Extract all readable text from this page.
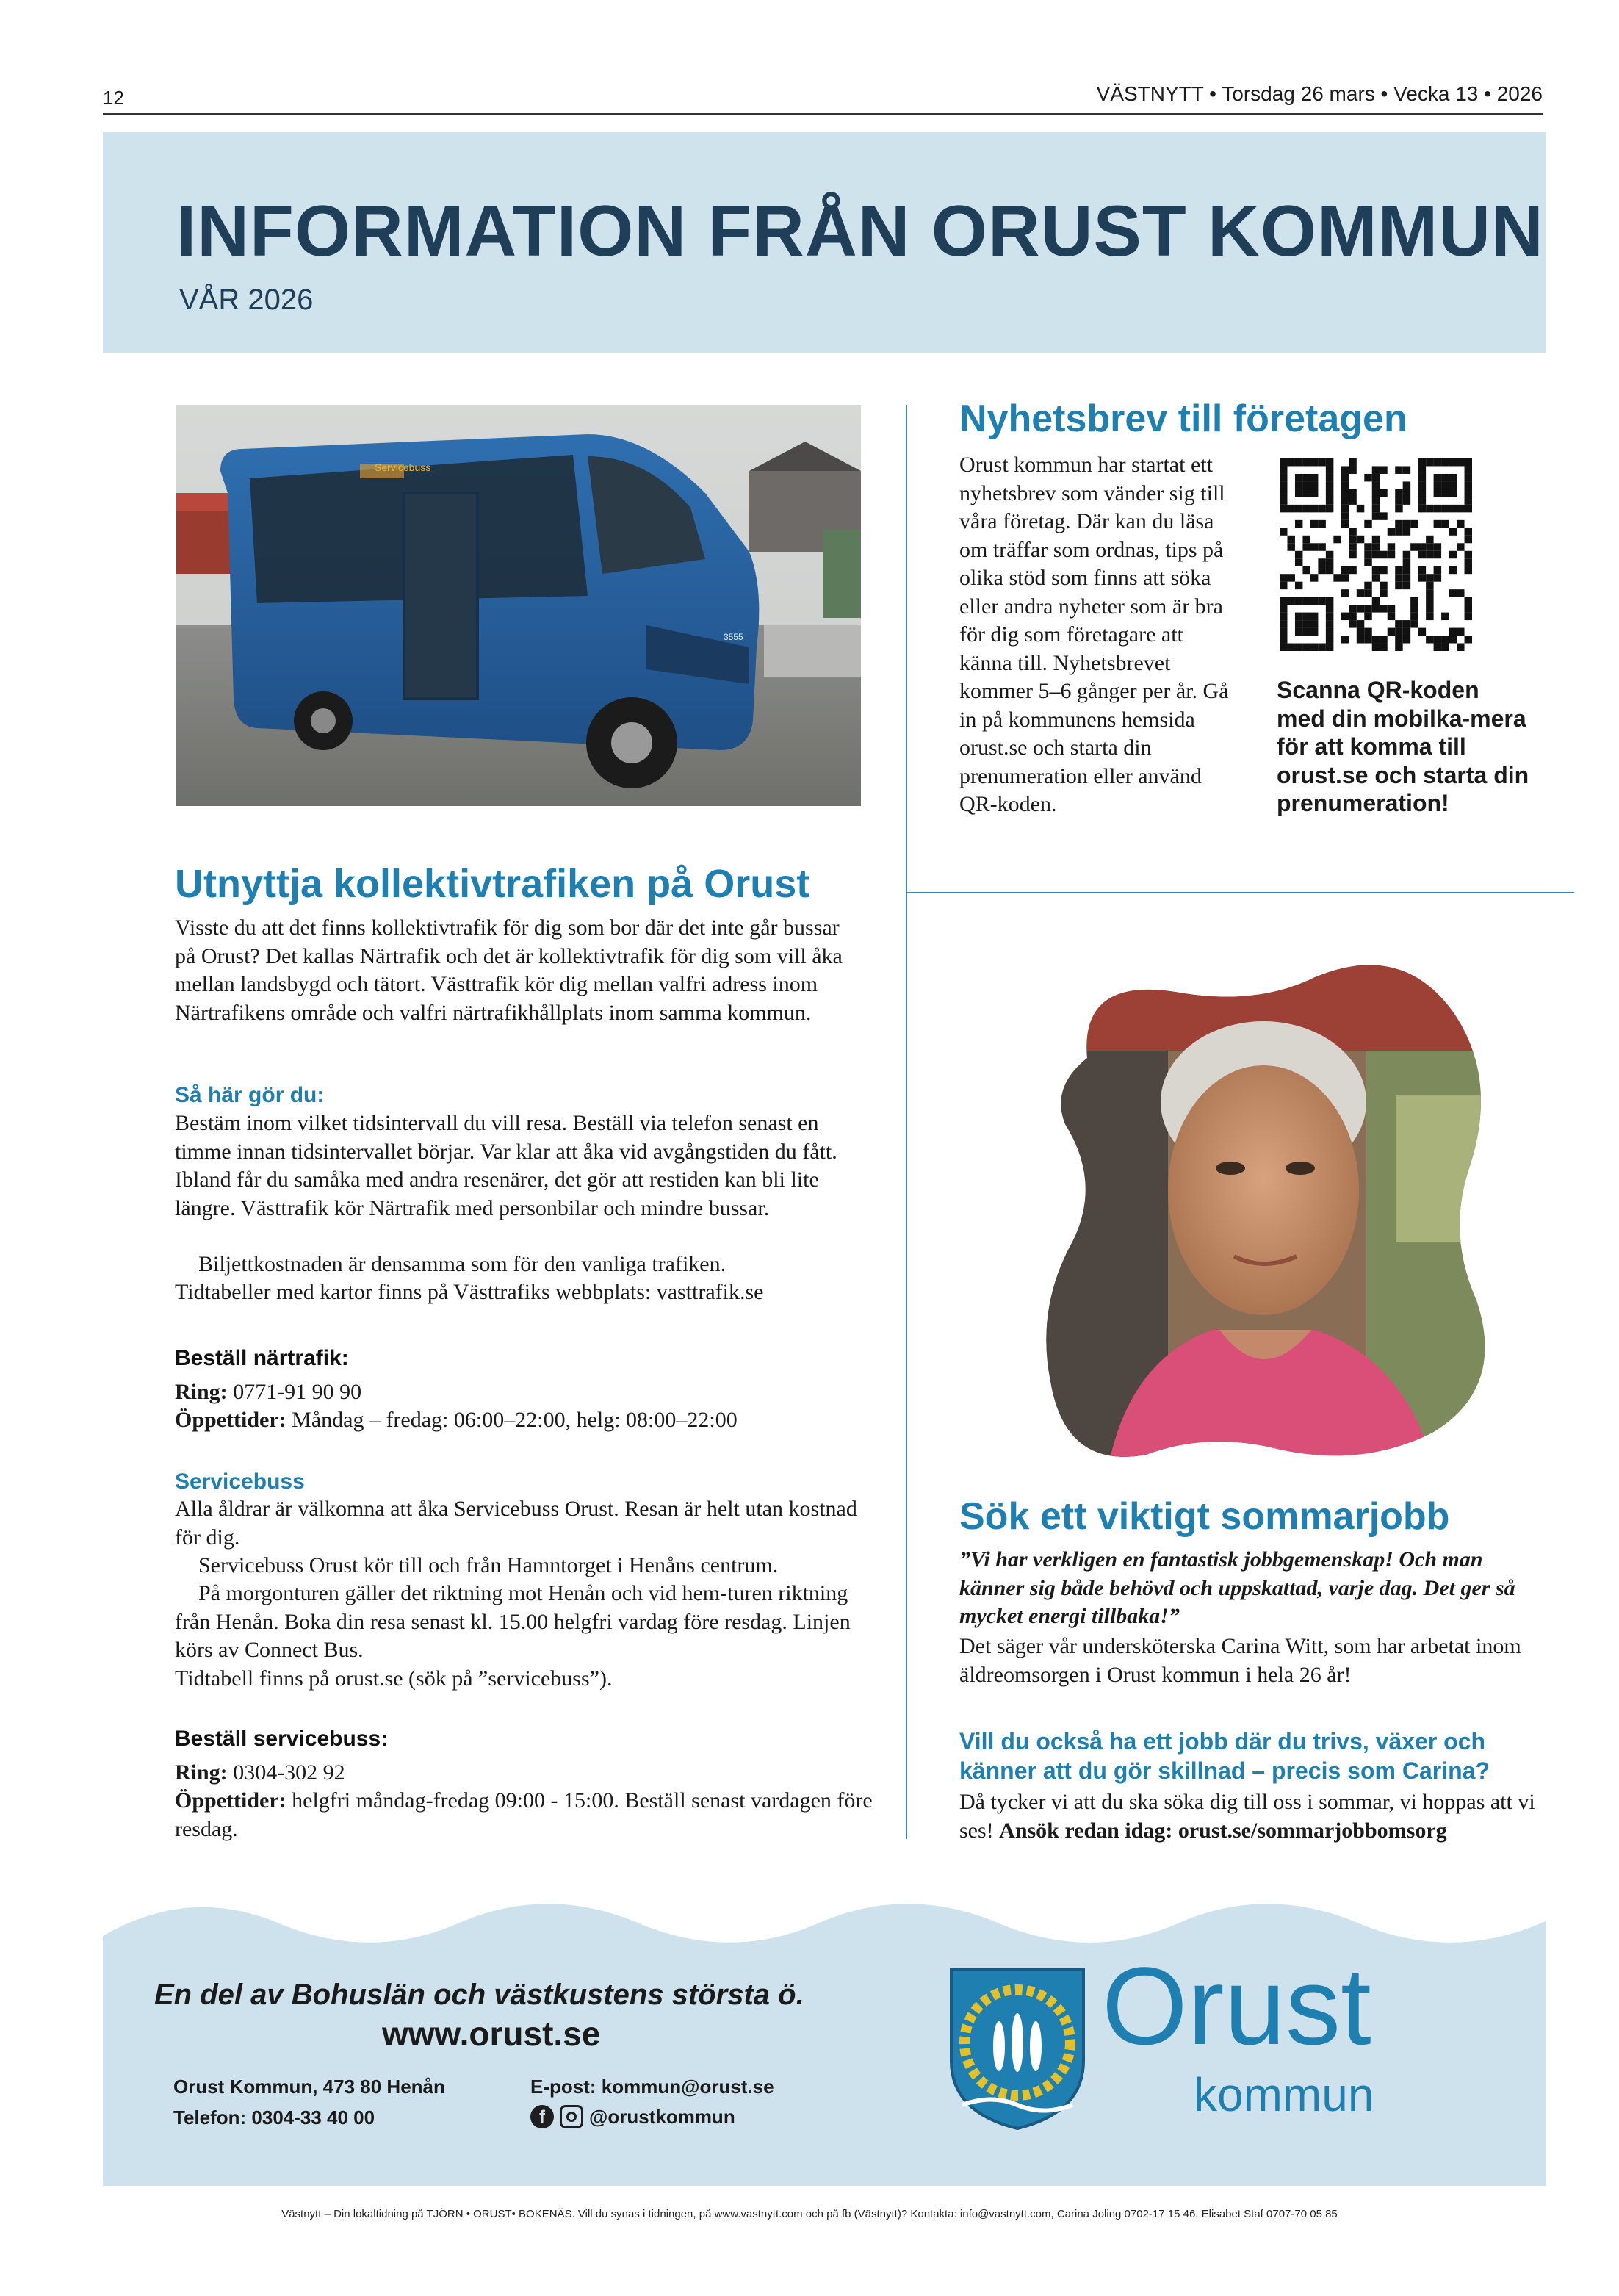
12	VÄSTNYTT • Torsdag 26 mars • Vecka 13 • 2026
INFORMATION FRÅN ORUST KOMMUN
VÅR 2026
Servicebuss
3555
Utnyttja kollektivtrafiken på Orust

Visste du att det finns kollektivtrafik för dig som bor där det inte går bussar på Orust? Det kallas Närtrafik och det är kollektivtrafik för dig som vill åka mellan landsbygd och tätort. Västtrafik kör dig mellan valfri adress inom Närtrafikens område och valfri närtrafikhållplats inom samma kommun.

Så här gör du:

Bestäm inom vilket tidsintervall du vill resa. Beställ via telefon senast en timme innan tidsintervallet börjar. Var klar att åka vid avgångstiden du fått. Ibland får du samåka med andra resenärer, det gör att restiden kan bli lite längre. Västtrafik kör Närtrafik med personbilar och mindre bussar.

Biljettkostnaden är densamma som för den vanliga trafiken.

Tidtabeller med kartor finns på Västtrafiks webbplats: vasttrafik.se

Beställ närtrafik:

Ring: 0771-91 90 90

Öppettider: Måndag – fredag: 06:00–22:00, helg: 08:00–22:00

Servicebuss

Alla åldrar är välkomna att åka Servicebuss Orust. Resan är helt utan kostnad för dig.

Servicebuss Orust kör till och från Hamntorget i Henåns centrum.

På morgonturen gäller det riktning mot Henån och vid hem-turen riktning från Henån. Boka din resa senast kl. 15.00 helgfri vardag före resdag. Linjen körs av Connect Bus.

Tidtabell finns på orust.se (sök på ”servicebuss”).

Beställ servicebuss:

Ring: 0304-302 92

Öppettider: helgfri måndag-fredag 09:00 - 15:00. Beställ senast vardagen före resdag.

Nyhetsbrev till företagen

Orust kommun har startat ett nyhetsbrev som vänder sig till våra företag. Där kan du läsa om träffar som ordnas, tips på olika stöd som finns att söka eller andra nyheter som är bra för dig som företagare att känna till. Nyhetsbrevet kommer 5–6 gånger per år. Gå in på kommunens hemsida orust.se och starta din prenumeration eller använd QR-koden.

Scanna QR-koden med din mobilka-mera för att komma till orust.se och starta din prenumeration!

Sök ett viktigt sommarjobb

”Vi har verkligen en fantastisk jobbgemenskap! Och man känner sig både behövd och uppskattad, varje dag. Det ger så mycket energi tillbaka!”

Det säger vår undersköterska Carina Witt, som har arbetat inom äldreomsorgen i Orust kommun i hela 26 år!

Vill du också ha ett jobb där du trivs, växer och känner att du gör skillnad – precis som Carina?

Då tycker vi att du ska söka dig till oss i sommar, vi hoppas att vi ses! Ansök redan idag: orust.se/sommarjobbomsorg

En del av Bohuslän och västkustens största ö.
www.orust.se
Orust Kommun, 473 80 Henån
Telefon: 0304-33 40 00
E-post: kommun@orust.se
f	@orustkommun
Orust
kommun
Västnytt – Din lokaltidning på TJÖRN • ORUST• BOKENÄS. Vill du synas i tidningen, på www.vastnytt.com och på fb (Västnytt)? Kontakta: info@vastnytt.com, Carina Joling 0702-17 15 46, Elisabet Staf 0707-70 05 85
